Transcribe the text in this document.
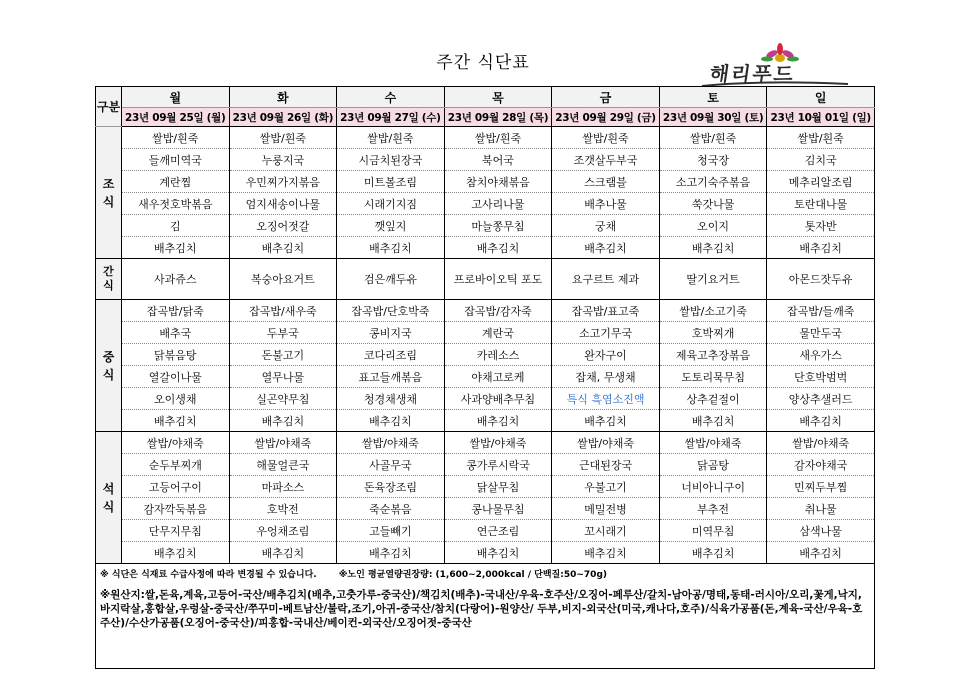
주간 식단표	해리푸드
구분	월	화	수	목	금	토	일
	23년 09월 25일 (월)	23년 09월 26일 (화)	23년 09월 27일 (수)	23년 09월 28일 (목)	23년 09월 29일 (금)	23년 09월 30일 (토)	23년 10월 01일 (일)
조식	쌀밥/흰죽	쌀밥/흰죽	쌀밥/흰죽	쌀밥/흰죽	쌀밥/흰죽	쌀밥/흰죽	쌀밥/흰죽
	들깨미역국	누룽지국	시금치된장국	북어국	조갯살두부국	청국장	김치국
	계란찜	우민찌가지볶음	미트볼조림	참치야채볶음	스크램블	소고기숙주볶음	메추리알조림
	새우젓호박볶음	엄지새송이나물	시래기지짐	고사리나물	배추나물	쑥갓나물	토란대나물
	김	오징어젓갈	깻잎지	마늘쫑무침	궁채	오이지	톳자반
	배추김치	배추김치	배추김치	배추김치	배추김치	배추김치	배추김치
간식	사과쥬스	복숭아요거트	검은깨두유	프로바이오틱 포도	요구르트 제과	딸기요거트	아몬드잣두유
중식	잡곡밥/닭죽	잡곡밥/새우죽	잡곡밥/단호박죽	잡곡밥/감자죽	잡곡밥/표고죽	쌀밥/소고기죽	잡곡밥/들깨죽
	배추국	두부국	콩비지국	계란국	소고기무국	호박찌개	물만두국
	닭볶음탕	돈불고기	코다리조림	카레소스	완자구이	제육고추장볶음	새우가스
	열갈이나물	열무나물	표고들깨볶음	야채고로케	잡채, 무생채	도토리묵무침	단호박범벅
	오이생채	실곤약무침	청경채생채	사과양배추무침	특식 흑염소진액	상추겉절이	양상추샐러드
	배추김치	배추김치	배추김치	배추김치	배추김치	배추김치	배추김치
석식	쌀밥/야채죽	쌀밥/야채죽	쌀밥/야채죽	쌀밥/야채죽	쌀밥/야채죽	쌀밥/야채죽	쌀밥/야채죽
	순두부찌개	해물얼큰국	사골무국	콩가루시락국	근대된장국	닭곰탕	감자야채국
	고등어구이	마파소스	돈육장조림	닭살무침	우불고기	너비아니구이	민찌두부찜
	감자깍둑볶음	호박전	죽순볶음	콩나물무침	메밀전병	부추전	취나물
	단무지무침	우엉채조림	고들빼기	연근조림	꼬시래기	미역무침	삼색나물
	배추김치	배추김치	배추김치	배추김치	배추김치	배추김치	배추김치
※ 식단은 식재료 수급사정에 따라 변경될 수 있습니다. ※노인 평균열량권장량: (1,600~2,000kcal / 단백질:50~70g)							
※원산지:쌀,돈육,계육,고등어-국산/배추김치(배추,고춧가루-중국산)/책김치(배추)-국내산/우육-호주산/오징어-페루산/갈치-남아공/명태,동태-러시아/오리,꽃게,낙지,바지락살,홍합살,우렁살-중국산/쭈꾸미-베트남산/불락,조기,아귀-중국산/참치(다랑어)-원양산/ 두부,비지-외국산(미국,캐나다,호주)/식육가공품(돈,계육-국산/우육-호주산)/수산가공품(오징어-중국산)/피홍합-국내산/베이컨-외국산/오징어젓-중국산							
